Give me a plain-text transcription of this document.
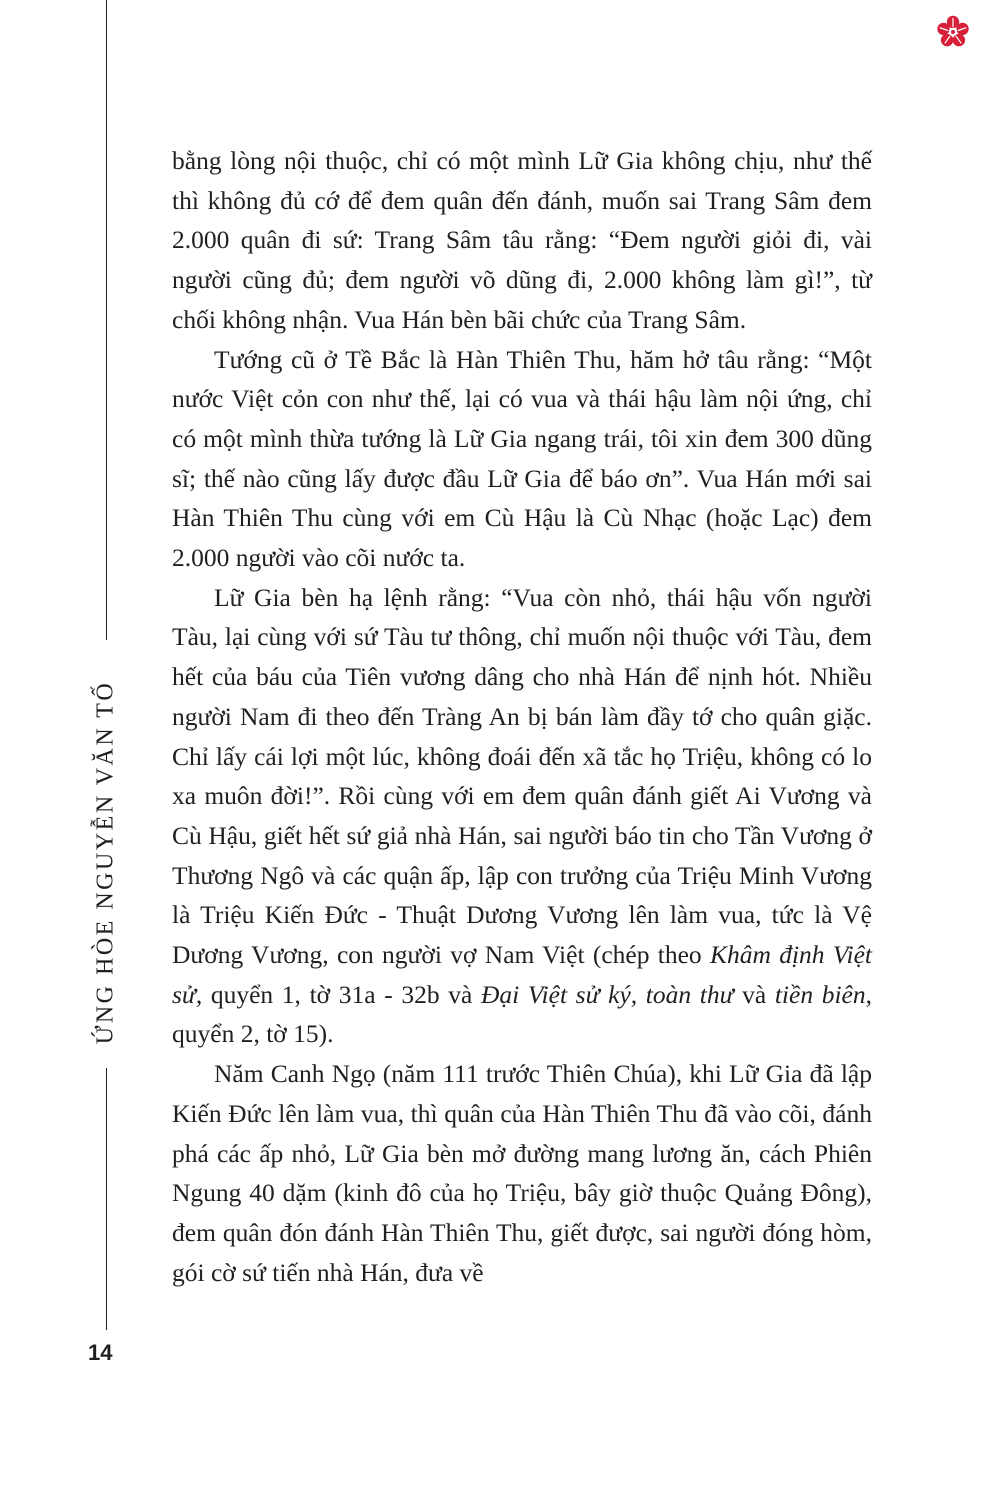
ỨNG HÒE NGUYỄN VĂN TỐ
14

bằng lòng nội thuộc, chỉ có một mình Lữ Gia không chịu, như thế thì không đủ cớ để đem quân đến đánh, muốn sai Trang Sâm đem 2.000 quân đi sứ: Trang Sâm tâu rằng: “Đem người giỏi đi, vài người cũng đủ; đem người võ dũng đi, 2.000 không làm gì!”, từ chối không nhận. Vua Hán bèn bãi chức của Trang Sâm.

Tướng cũ ở Tề Bắc là Hàn Thiên Thu, hăm hở tâu rằng: “Một nước Việt cỏn con như thế, lại có vua và thái hậu làm nội ứng, chỉ có một mình thừa tướng là Lữ Gia ngang trái, tôi xin đem 300 dũng sĩ; thế nào cũng lấy được đầu Lữ Gia để báo ơn”. Vua Hán mới sai Hàn Thiên Thu cùng với em Cù Hậu là Cù Nhạc (hoặc Lạc) đem 2.000 người vào cõi nước ta.

Lữ Gia bèn hạ lệnh rằng: “Vua còn nhỏ, thái hậu vốn người Tàu, lại cùng với sứ Tàu tư thông, chỉ muốn nội thuộc với Tàu, đem hết của báu của Tiên vương dâng cho nhà Hán để nịnh hót. Nhiều người Nam đi theo đến Tràng An bị bán làm đầy tớ cho quân giặc. Chỉ lấy cái lợi một lúc, không đoái đến xã tắc họ Triệu, không có lo xa muôn đời!”. Rồi cùng với em đem quân đánh giết Ai Vương và Cù Hậu, giết hết sứ giả nhà Hán, sai người báo tin cho Tần Vương ở Thương Ngô và các quận ấp, lập con trưởng của Triệu Minh Vương là Triệu Kiến Đức - Thuật Dương Vương lên làm vua, tức là Vệ Dương Vương, con người vợ Nam Việt (chép theo Khâm định Việt sử, quyển 1, tờ 31a - 32b và Đại Việt sử ký, toàn thư và tiền biên, quyển 2, tờ 15).

Năm Canh Ngọ (năm 111 trước Thiên Chúa), khi Lữ Gia đã lập Kiến Đức lên làm vua, thì quân của Hàn Thiên Thu đã vào cõi, đánh phá các ấp nhỏ, Lữ Gia bèn mở đường mang lương ăn, cách Phiên Ngung 40 dặm (kinh đô của họ Triệu, bây giờ thuộc Quảng Đông), đem quân đón đánh Hàn Thiên Thu, giết được, sai người đóng hòm, gói cờ sứ tiến nhà Hán, đưa về
